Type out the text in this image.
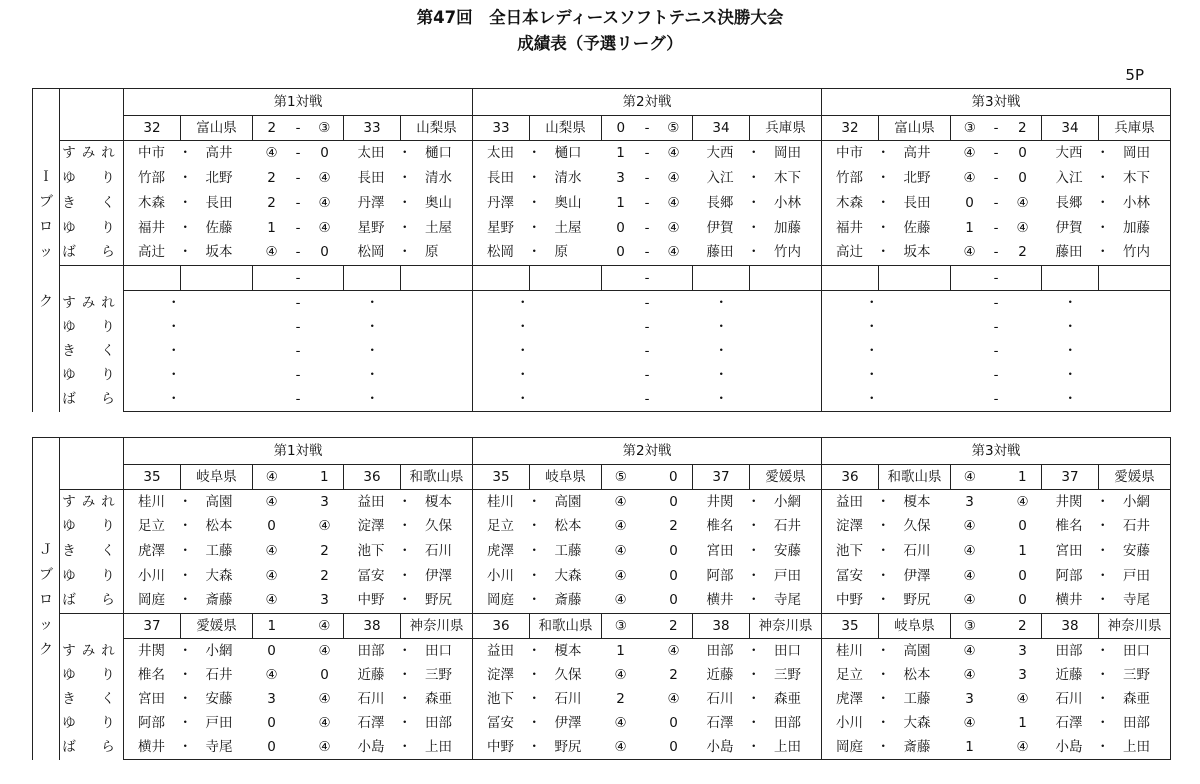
第47回　全日本レディースソフトテニス決勝大会
成績表（予選リーグ）
5P
		第1対戦							第2対戦							第3対戦						
		32	富山県	2	-	③	33	山梨県	33	山梨県	0	-	⑤	34	兵庫県	32	富山県	③	-	2	34	兵庫県
	すみれ	中市　・　高井		④	-	0	太田　・　樋口		太田　・　樋口		1	-	④	大西　・　岡田		中市　・　高井		④	-	0	大西　・　岡田	
Ｉ	ゆ　り	竹部　・　北野		2	-	④	長田　・　清水		長田　・　清水		3	-	④	入江　・　木下		竹部　・　北野		④	-	0	入江　・　木下	
ブ	き　く	木森　・　長田		2	-	④	丹澤　・　奥山		丹澤　・　奥山		1	-	④	長郷　・　小林		木森　・　長田		0	-	④	長郷　・　小林	
ロ	ゆ　り	福井　・　佐藤		1	-	④	星野　・　土屋		星野　・　土屋		0	-	④	伊賀　・　加藤		福井　・　佐藤		1	-	④	伊賀　・　加藤	
ッ	ば　ら	高辻　・　坂本		④	-	0	松岡　・　原		松岡　・　原		0	-	④	藤田　・　竹内		高辻　・　坂本		④	-	2	藤田　・　竹内	
					-							-							-			
ク	すみれ	・			-		・		・			-		・		・			-		・	
	ゆ　り	・			-		・		・			-		・		・			-		・	
	き　く	・			-		・		・			-		・		・			-		・	
	ゆ　り	・			-		・		・			-		・		・			-		・	
	ば　ら	・			-		・		・			-		・		・			-		・	
		第1対戦							第2対戦							第3対戦						
		35	岐阜県	④		1	36	和歌山県	35	岐阜県	⑤		0	37	愛媛県	36	和歌山県	④		1	37	愛媛県
	すみれ	桂川　・　高園		④		3	益田　・　榎本		桂川　・　高園		④		0	井関　・　小網		益田　・　榎本		3		④	井関　・　小網	
	ゆ　り	足立　・　松本		0		④	淀澤　・　久保		足立　・　松本		④		2	椎名　・　石井		淀澤　・　久保		④		0	椎名　・　石井	
Ｊ	き　く	虎澤　・　工藤		④		2	池下　・　石川		虎澤　・　工藤		④		0	宮田　・　安藤		池下　・　石川		④		1	宮田　・　安藤	
ブ	ゆ　り	小川　・　大森		④		2	冨安　・　伊澤		小川　・　大森		④		0	阿部　・　戸田		冨安　・　伊澤		④		0	阿部　・　戸田	
ロ	ば　ら	岡庭　・　斎藤		④		3	中野　・　野尻		岡庭　・　斎藤		④		0	横井　・　寺尾		中野　・　野尻		④		0	横井　・　寺尾	
ッ		37	愛媛県	1		④	38	神奈川県	36	和歌山県	③		2	38	神奈川県	35	岐阜県	③		2	38	神奈川県
ク	すみれ	井関　・　小網		0		④	田部　・　田口		益田　・　榎本		1		④	田部　・　田口		桂川　・　高園		④		3	田部　・　田口	
	ゆ　り	椎名　・　石井		④		0	近藤　・　三野		淀澤　・　久保		④		2	近藤　・　三野		足立　・　松本		④		3	近藤　・　三野	
	き　く	宮田　・　安藤		3		④	石川　・　森亜		池下　・　石川		2		④	石川　・　森亜		虎澤　・　工藤		3		④	石川　・　森亜	
	ゆ　り	阿部　・　戸田		0		④	石澤　・　田部		冨安　・　伊澤		④		0	石澤　・　田部		小川　・　大森		④		1	石澤　・　田部	
	ば　ら	横井　・　寺尾		0		④	小島　・　上田		中野　・　野尻		④		0	小島　・　上田		岡庭　・　斎藤		1		④	小島　・　上田	
